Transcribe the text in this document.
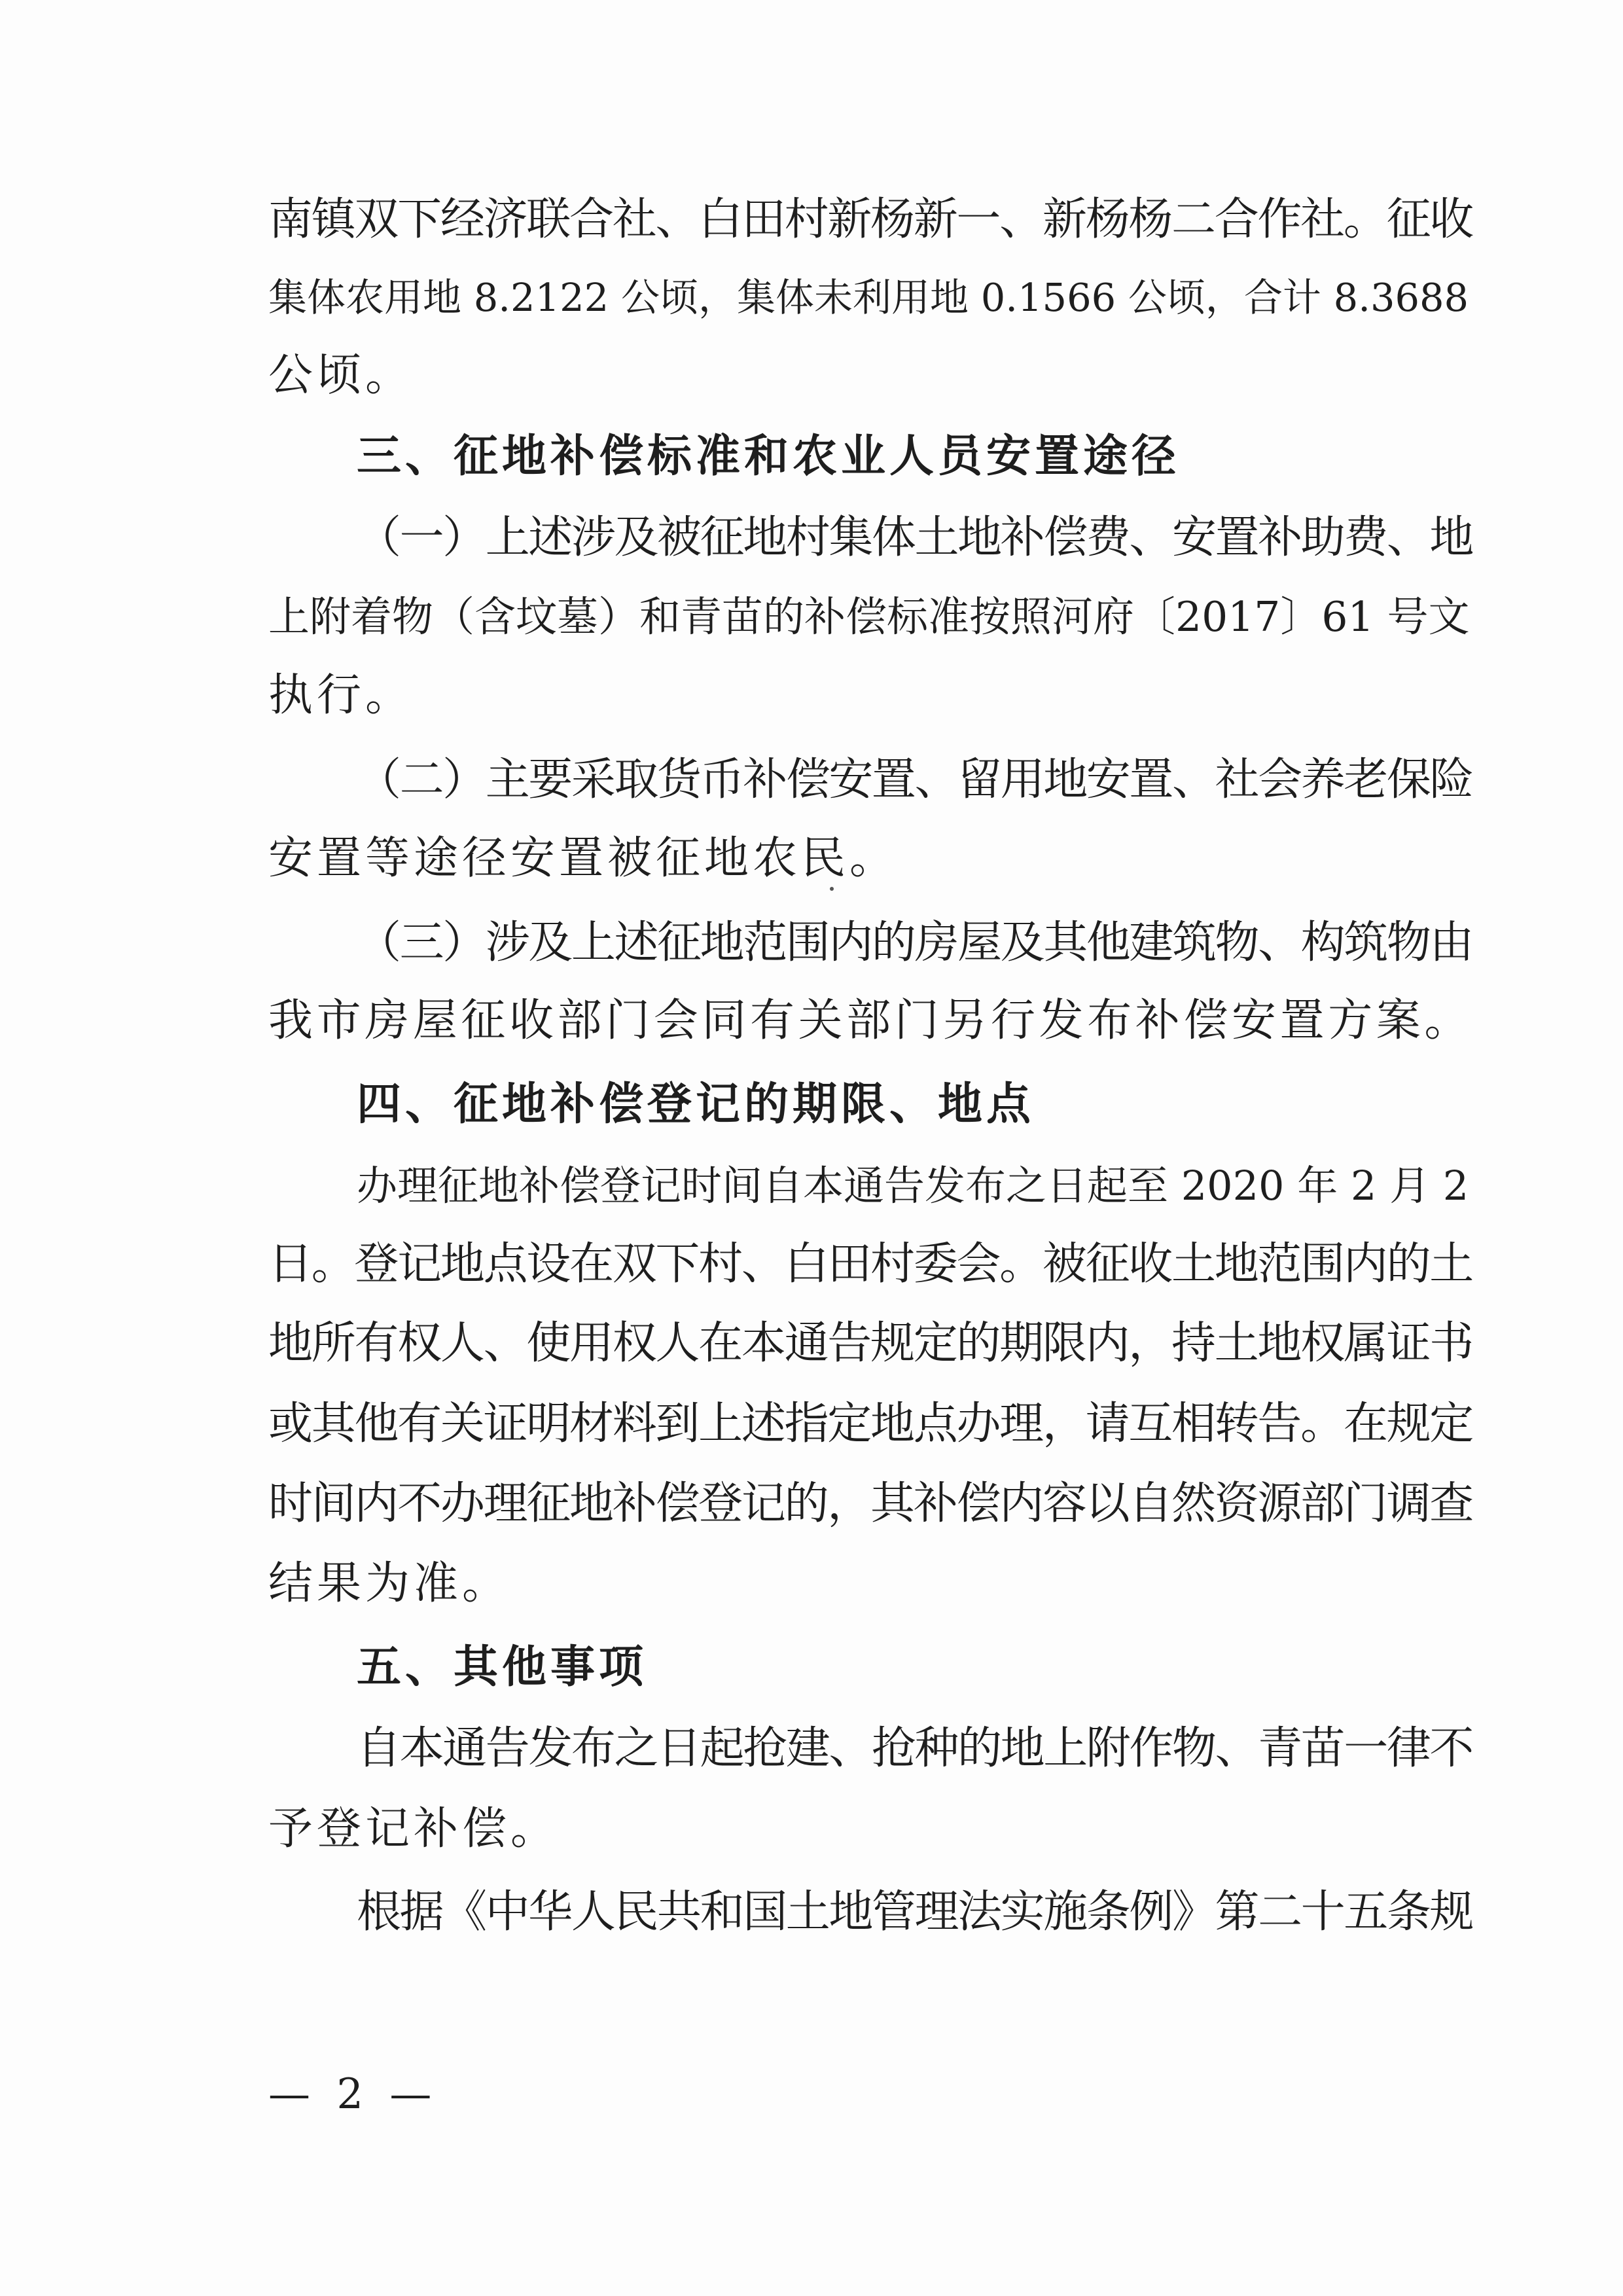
南镇双下经济联合社、白田村新杨新一、新杨杨二合作社。征收
集体农用地 8.2122 公顷，集体未利用地 0.1566 公顷，合计 8.3688
公顷。
三、征地补偿标准和农业人员安置途径
（一）上述涉及被征地村集体土地补偿费、安置补助费、地
上附着物（含坟墓）和青苗的补偿标准按照河府〔2017〕61 号文
执行。
（二）主要采取货币补偿安置、留用地安置、社会养老保险
安置等途径安置被征地农民。
（三）涉及上述征地范围内的房屋及其他建筑物、构筑物由
我市房屋征收部门会同有关部门另行发布补偿安置方案。
四、征地补偿登记的期限、地点
办理征地补偿登记时间自本通告发布之日起至 2020 年 2 月 2
日。登记地点设在双下村、白田村委会。被征收土地范围内的土
地所有权人、使用权人在本通告规定的期限内，持土地权属证书
或其他有关证明材料到上述指定地点办理，请互相转告。在规定
时间内不办理征地补偿登记的，其补偿内容以自然资源部门调查
结果为准。
五、其他事项
自本通告发布之日起抢建、抢种的地上附作物、青苗一律不
予登记补偿。
根据《中华人民共和国土地管理法实施条例》第二十五条规
— 2 —
